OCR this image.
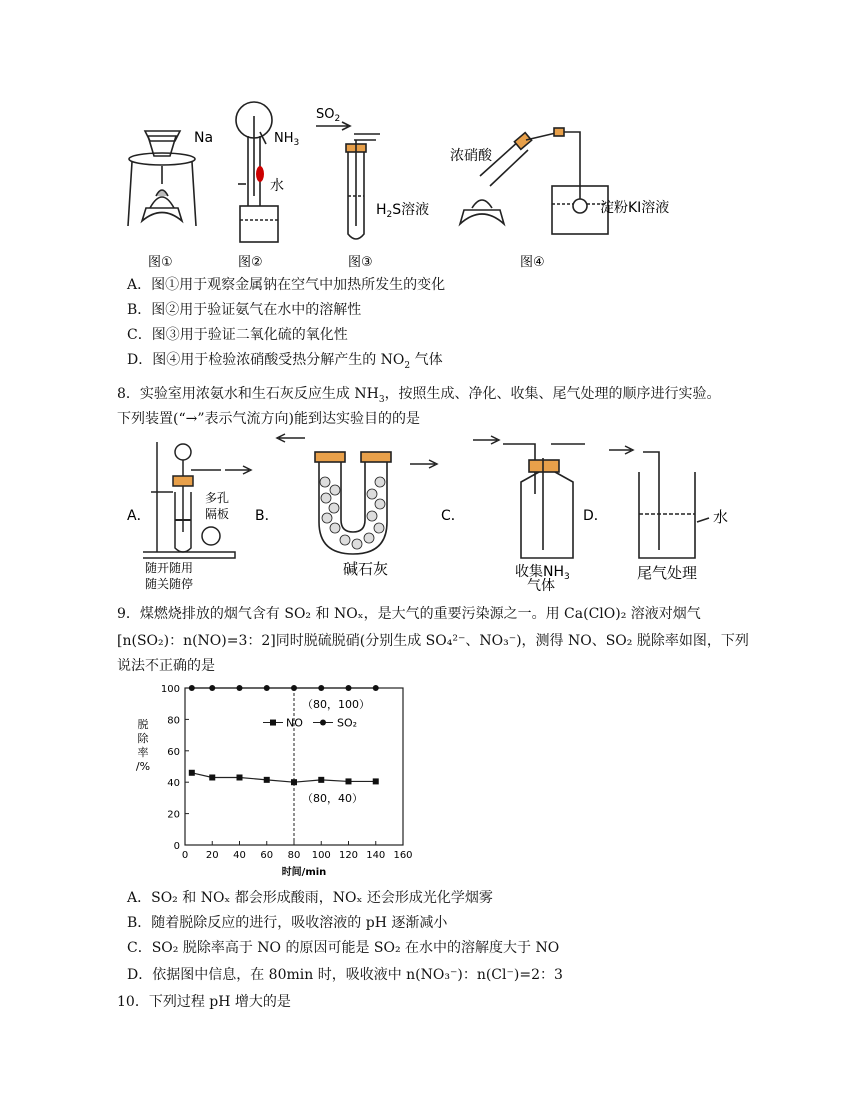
Na
图①
$NH_3$
水
图②
$SO_2$
$H_2S$溶液
图③
浓硝酸
淀粉KI溶液
图④
A．图①用于观察金属钠在空气中加热所发生的变化
B．图②用于验证氨气在水中的溶解性
C．图③用于验证二氧化硫的氧化性
D．图④用于检验浓硝酸受热分解产生的 $NO_2$ 气体
8．实验室用浓氨水和生石灰反应生成 $NH_3$，按照生成、净化、收集、尾气处理的顺序进行实验。
下列装置(“→”表示气流方向)能到达实验目的的是
A．
多孔
隔板
随开随用
随关随停
B．
碱石灰
C．
收集$NH_3$
气体
D．	水
尾气处理
9．煤燃烧排放的烟气含有 SO₂ 和 NOₓ，是大气的重要污染源之一。用 Ca(ClO)₂ 溶液对烟气
[n(SO₂)：n(NO)=3：2]同时脱硫脱硝(分别生成 SO₄²⁻、NO₃⁻)，测得 NO、SO₂ 脱除率如图，下列
说法不正确的是
0 20 40 60 80 100 120 140 160
0
20
40
60
80
100
时间/min
脱
除
率
/%
NO	SO₂
（80，100）
（80，40）
A．SO₂ 和 NOₓ 都会形成酸雨，NOₓ 还会形成光化学烟雾
B．随着脱除反应的进行，吸收溶液的 pH 逐渐减小
C．SO₂ 脱除率高于 NO 的原因可能是 SO₂ 在水中的溶解度大于 NO
D．依据图中信息，在 80min 时，吸收液中 n(NO₃⁻)：n(Cl⁻)=2：3
10．下列过程 pH 增大的是
